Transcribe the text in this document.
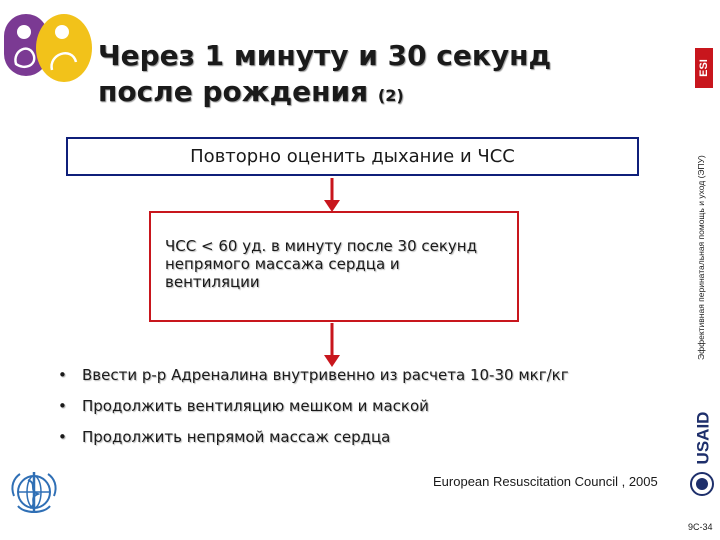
Через 1 минуту и 30 секунд
после рождения (2)
Повторно оценить дыхание и ЧСС
ЧСС < 60 уд. в минуту после 30 секунд
непрямого массажа сердца и
вентиляции
• Ввести р-р Адреналина внутривенно из расчета 10-30 мкг/кг
• Продолжить вентиляцию мешком и маской
• Продолжить непрямой массаж сердца
European Resuscitation Council , 2005
9C-34
Эффективная перинатальная помощь и уход (ЭПУ)
ESI
USAID
